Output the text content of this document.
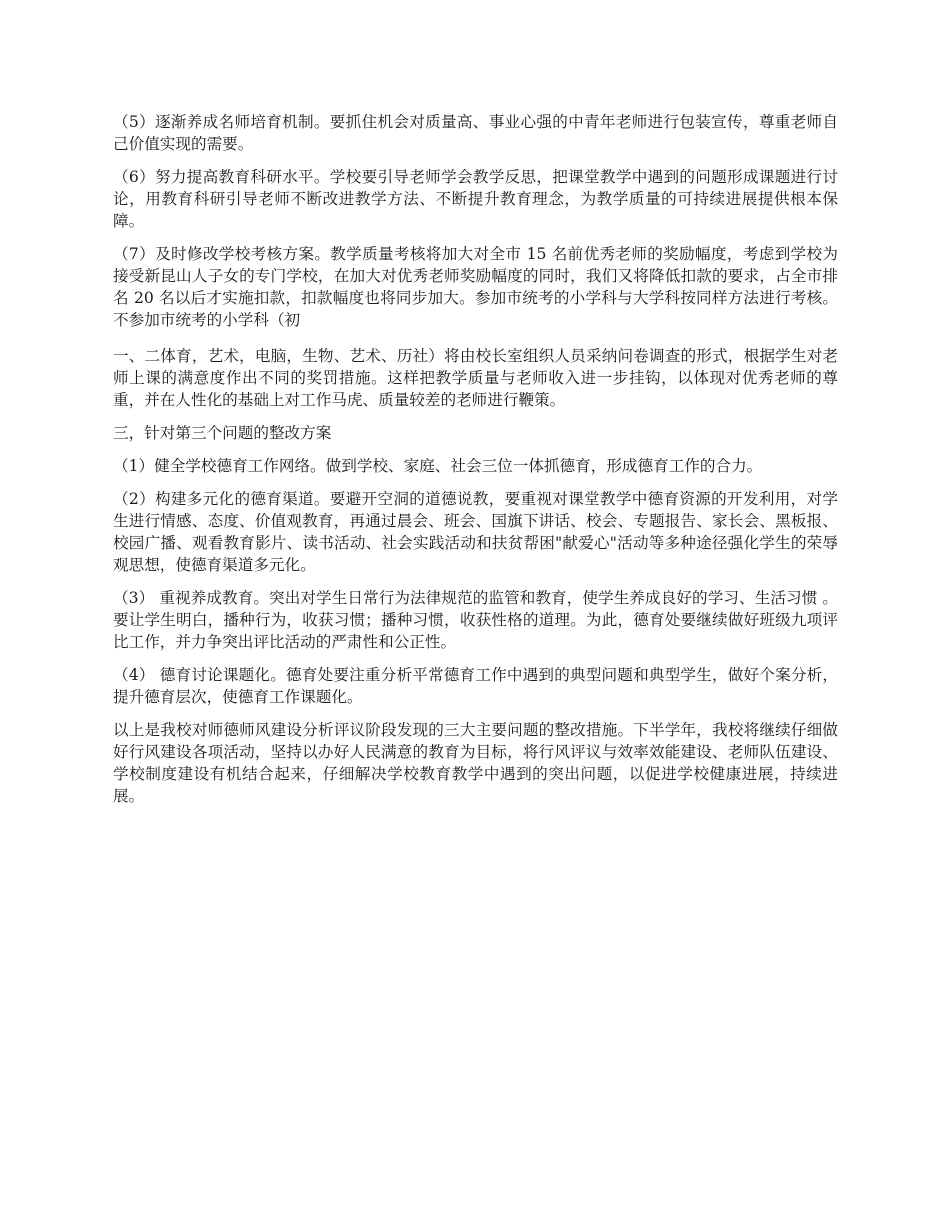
（5）逐渐养成名师培育机制。要抓住机会对质量高、事业心强的中青年老师进行包装宣传，尊重老师自己价值实现的需要。

（6）努力提高教育科研水平。学校要引导老师学会教学反思，把课堂教学中遇到的问题形成课题进行讨论，用教育科研引导老师不断改进教学方法、不断提升教育理念，为教学质量的可持续进展提供根本保障。

（7）及时修改学校考核方案。教学质量考核将加大对全市 15 名前优秀老师的奖励幅度，考虑到学校为接受新昆山人子女的专门学校，在加大对优秀老师奖励幅度的同时，我们又将降低扣款的要求，占全市排名 20 名以后才实施扣款，扣款幅度也将同步加大。参加市统考的小学科与大学科按同样方法进行考核。不参加市统考的小学科（初

一、二体育，艺术，电脑，生物、艺术、历社）将由校长室组织人员采纳问卷调查的形式，根据学生对老师上课的满意度作出不同的奖罚措施。这样把教学质量与老师收入进一步挂钩，以体现对优秀老师的尊重，并在人性化的基础上对工作马虎、质量较差的老师进行鞭策。

三，针对第三个问题的整改方案

（1）健全学校德育工作网络。做到学校、家庭、社会三位一体抓德育，形成德育工作的合力。

（2）构建多元化的德育渠道。要避开空洞的道德说教，要重视对课堂教学中德育资源的开发利用，对学生进行情感、态度、价值观教育，再通过晨会、班会、国旗下讲话、校会、专题报告、家长会、黑板报、校园广播、观看教育影片、读书活动、社会实践活动和扶贫帮困"献爱心"活动等多种途径强化学生的荣辱观思想，使德育渠道多元化。

（3） 重视养成教育。突出对学生日常行为法律规范的监管和教育，使学生养成良好的学习、生活习惯 。要让学生明白，播种行为，收获习惯；播种习惯，收获性格的道理。为此，德育处要继续做好班级九项评比工作，并力争突出评比活动的严肃性和公正性。

（4） 德育讨论课题化。德育处要注重分析平常德育工作中遇到的典型问题和典型学生，做好个案分析，提升德育层次，使德育工作课题化。

以上是我校对师德师风建设分析评议阶段发现的三大主要问题的整改措施。下半学年，我校将继续仔细做好行风建设各项活动，坚持以办好人民满意的教育为目标，将行风评议与效率效能建设、老师队伍建设、学校制度建设有机结合起来，仔细解决学校教育教学中遇到的突出问题，以促进学校健康进展，持续进展。
